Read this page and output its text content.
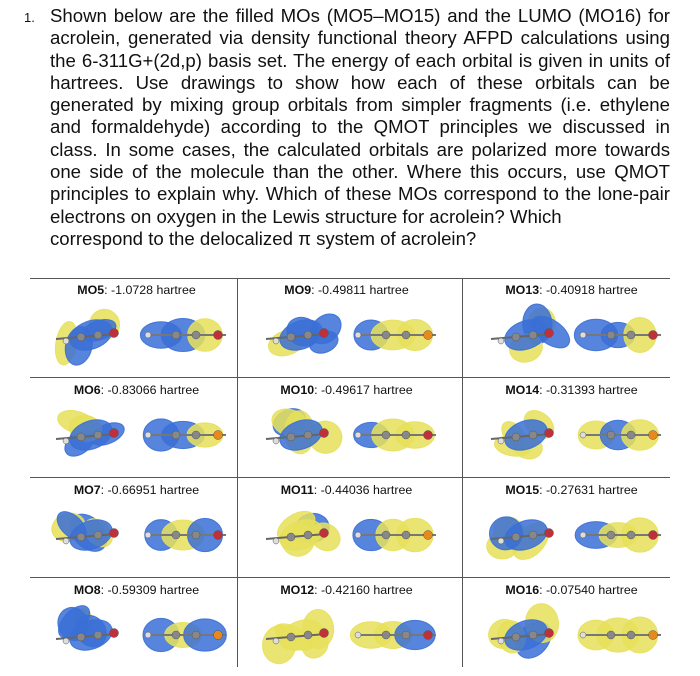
1. Shown below are the filled MOs (MO5–MO15) and the LUMO (MO16) for acrolein, generated via density functional theory AFPD calculations using the 6-311G+(2d,p) basis set. The energy of each orbital is given in units of hartrees. Use drawings to show how each of these orbitals can be generated by mixing group orbitals from simpler fragments (i.e. ethylene and formaldehyde) according to the QMOT principles we discussed in class. In some cases, the calculated orbitals are polarized more towards one side of the molecule than the other. Where this occurs, use QMOT principles to explain why. Which of these MOs correspond to the lone-pair electrons on oxygen in the Lewis structure for acrolein? Which
correspond to the delocalized π system of acrolein?
MO5: -1.0728 hartree	MO9: -0.49811 hartree	MO13: -0.40918 hartree
MO6: -0.83066 hartree	MO10: -0.49617 hartree	MO14: -0.31393 hartree
MO7: -0.66951 hartree	MO11: -0.44036 hartree	MO15: -0.27631 hartree
MO8: -0.59309 hartree	MO12: -0.42160 hartree	MO16: -0.07540 hartree
